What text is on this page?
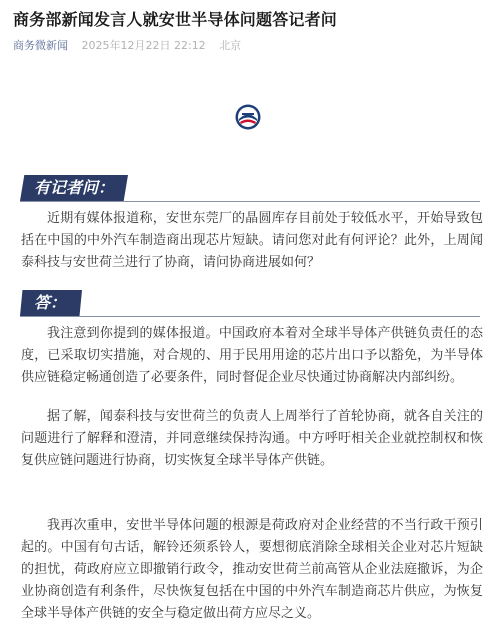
商务部新闻发言人就安世半导体问题答记者问
商务微新闻 2025年12月22日 22:12 北京
有记者问：

近期有媒体报道称，安世东莞厂的晶圆库存目前处于较低水平，开始导致包括在中国的中外汽车制造商出现芯片短缺。请问您对此有何评论？此外，上周闻泰科技与安世荷兰进行了协商，请问协商进展如何？

答：

我注意到你提到的媒体报道。中国政府本着对全球半导体产供链负责任的态度，已采取切实措施，对合规的、用于民用用途的芯片出口予以豁免，为半导体供应链稳定畅通创造了必要条件，同时督促企业尽快通过协商解决内部纠纷。

据了解，闻泰科技与安世荷兰的负责人上周举行了首轮协商，就各自关注的问题进行了解释和澄清，并同意继续保持沟通。中方呼吁相关企业就控制权和恢复供应链问题进行协商，切实恢复全球半导体产供链。

我再次重申，安世半导体问题的根源是荷政府对企业经营的不当行政干预引起的。中国有句古话，解铃还须系铃人，要想彻底消除全球相关企业对芯片短缺的担忧，荷政府应立即撤销行政令，推动安世荷兰前高管从企业法庭撤诉，为企业协商创造有利条件，尽快恢复包括在中国的中外汽车制造商芯片供应，为恢复全球半导体产供链的安全与稳定做出荷方应尽之义。
